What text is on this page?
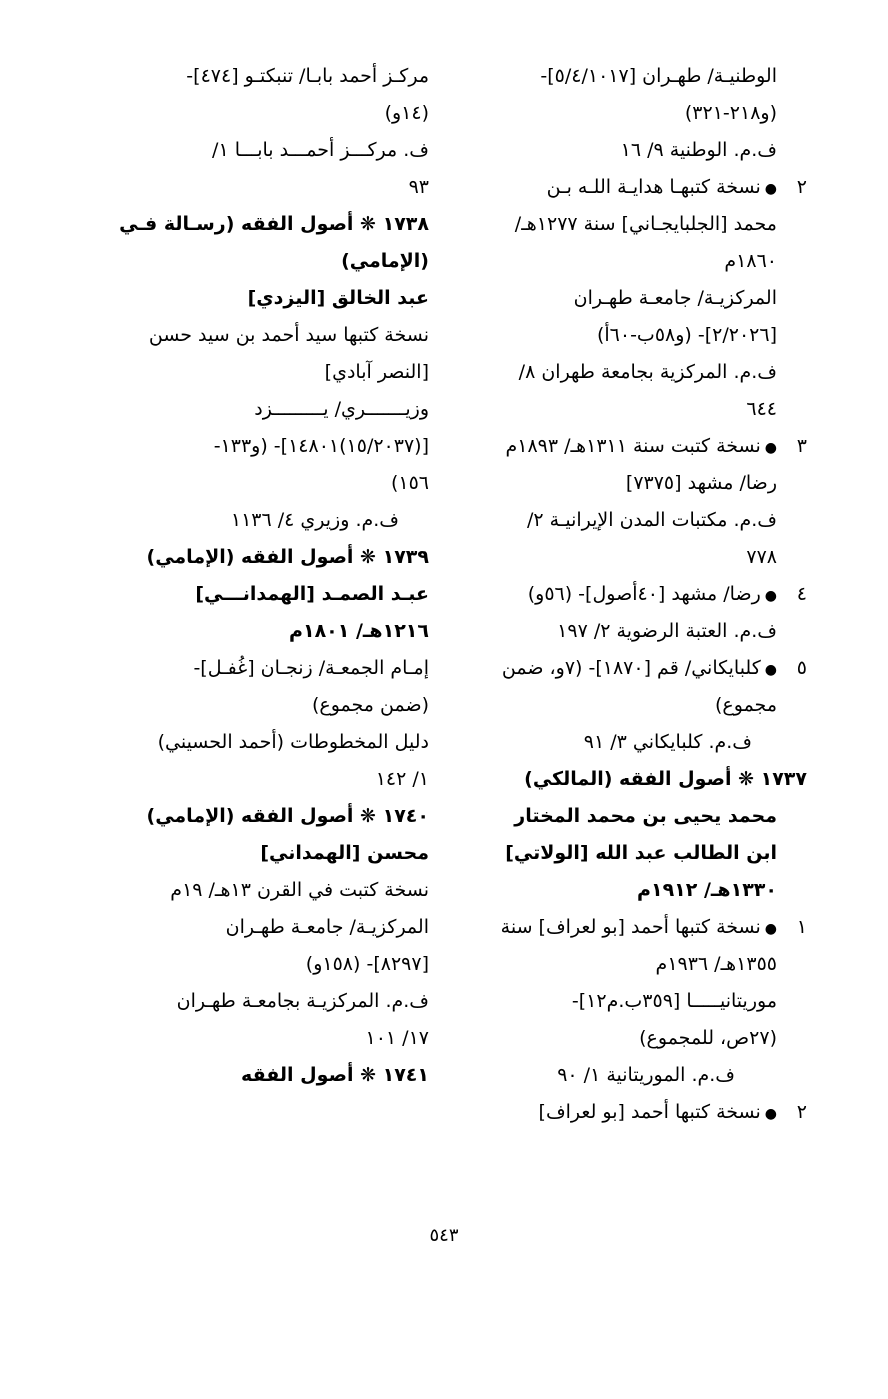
الوطنيـة/ طهـران [٥/٤/١٠١٧]-
(و٢١٨-٣٢١)
ف.م. الوطنية ٩/ ١٦
٢●نسخة كتبهـا هدايـة اللـه بـن
محمد [الجلبايجـاني] سنة ١٢٧٧هـ/
١٨٦٠م
المركزيـة/ جامعـة طهـران
[٢/٢٠٢٦]- (و٥٨ب-٦٠أ)
ف.م. المركزية بجامعة طهران ٨/
٦٤٤
٣●نسخة كتبت سنة ١٣١١هـ/ ١٨٩٣م
رضا/ مشهد [٧٣٧٥]
ف.م. مكتبات المدن الإيرانيـة ٢/
٧٧٨
٤●رضا/ مشهد [٤٠أصول]- (٥٦و)
ف.م. العتبة الرضوية ٢/ ١٩٧
٥●كلبايكاني/ قم [١٨٧٠]- (٧و، ضمن
مجموع)
ف.م. كلبايكاني ٣/ ٩١
١٧٣٧ ❋ أصول الفقه (المالكي)
محمد يحيى بن محمد المختار
ابن الطالب عبد الله [الولاتي]
١٣٣٠هـ/ ١٩١٢م
١●نسخة كتبها أحمد [بو لعراف] سنة
١٣٥٥هـ/ ١٩٣٦م
موريتانيـــــا [٣٥٩ب.م١٢]-
(٢٧ص، للمجموع)
ف.م. الموريتانية ١/ ٩٠
٢●نسخة كتبها أحمد [بو لعراف]
مركـز أحمد بابـا/ تنبكتـو [٤٧٤]-
(١٤و)
ف. مركـــز أحمـــد بابـــا ١/
٩٣
١٧٣٨ ❋ أصول الفقه (رسـالة فـي
(الإمامي)
عبد الخالق [اليزدي]
نسخة كتبها سيد أحمد بن سيد حسن
[النصر آبادي]
وزيـــــــري/ يـــــــــزد
[(١٥/٢٠٣٧)١٤٨٠١]- (و١٣٣-
١٥٦)
ف.م. وزيري ٤/ ١١٣٦
١٧٣٩ ❋ أصول الفقه (الإمامي)
عبـد الصمـد [الهمدانـــي]
١٢١٦هـ/ ١٨٠١م
إمـام الجمعـة/ زنجـان [غُفـل]-
(ضمن مجموع)
دليل المخطوطات (أحمد الحسيني)
١/ ١٤٢
١٧٤٠ ❋ أصول الفقه (الإمامي)
محسن [الهمداني]
نسخة كتبت في القرن ١٣هـ/ ١٩م
المركزيـة/ جامعـة طهـران
[٨٢٩٧]- (١٥٨و)
ف.م. المركزيـة بجامعـة طهـران
١٧/ ١٠١
١٧٤١ ❋ أصول الفقه
٥٤٣
